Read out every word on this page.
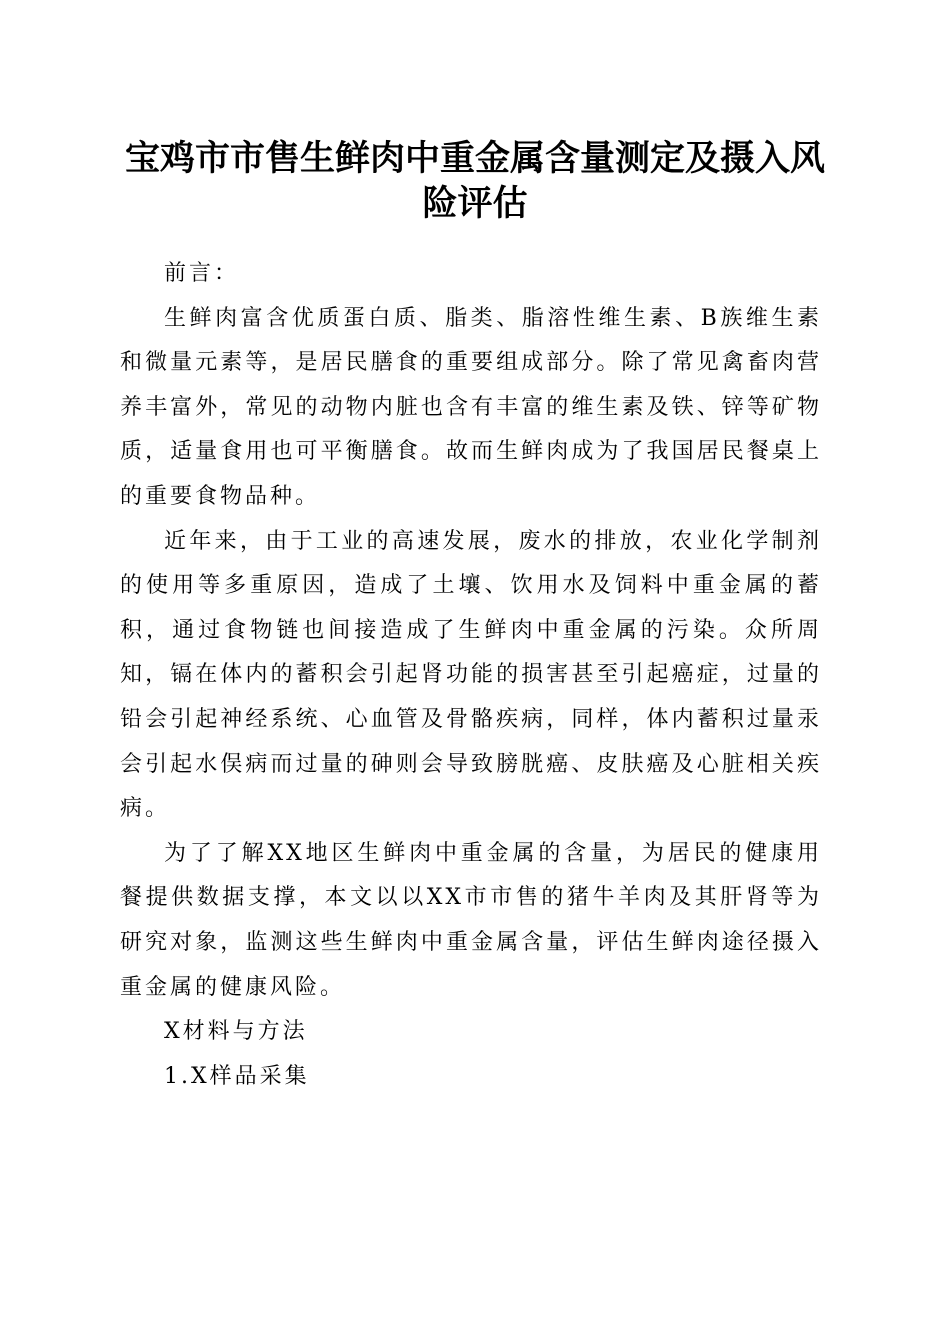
宝鸡市市售生鲜肉中重金属含量测定及摄入风险评估

前言：

生鲜肉富含优质蛋白质、脂类、脂溶性维生素、B族维生素和微量元素等，是居民膳食的重要组成部分。除了常见禽畜肉营养丰富外，常见的动物内脏也含有丰富的维生素及铁、锌等矿物质，适量食用也可平衡膳食。故而生鲜肉成为了我国居民餐桌上的重要食物品种。

近年来，由于工业的高速发展，废水的排放，农业化学制剂的使用等多重原因，造成了土壤、饮用水及饲料中重金属的蓄积，通过食物链也间接造成了生鲜肉中重金属的污染。众所周知，镉在体内的蓄积会引起肾功能的损害甚至引起癌症，过量的铅会引起神经系统、心血管及骨骼疾病，同样，体内蓄积过量汞会引起水俣病而过量的砷则会导致膀胱癌、皮肤癌及心脏相关疾病。

为了了解XX地区生鲜肉中重金属的含量，为居民的健康用餐提供数据支撑，本文以以XX市市售的猪牛羊肉及其肝肾等为研究对象，监测这些生鲜肉中重金属含量，评估生鲜肉途径摄入重金属的健康风险。

X材料与方法

1.X样品采集
